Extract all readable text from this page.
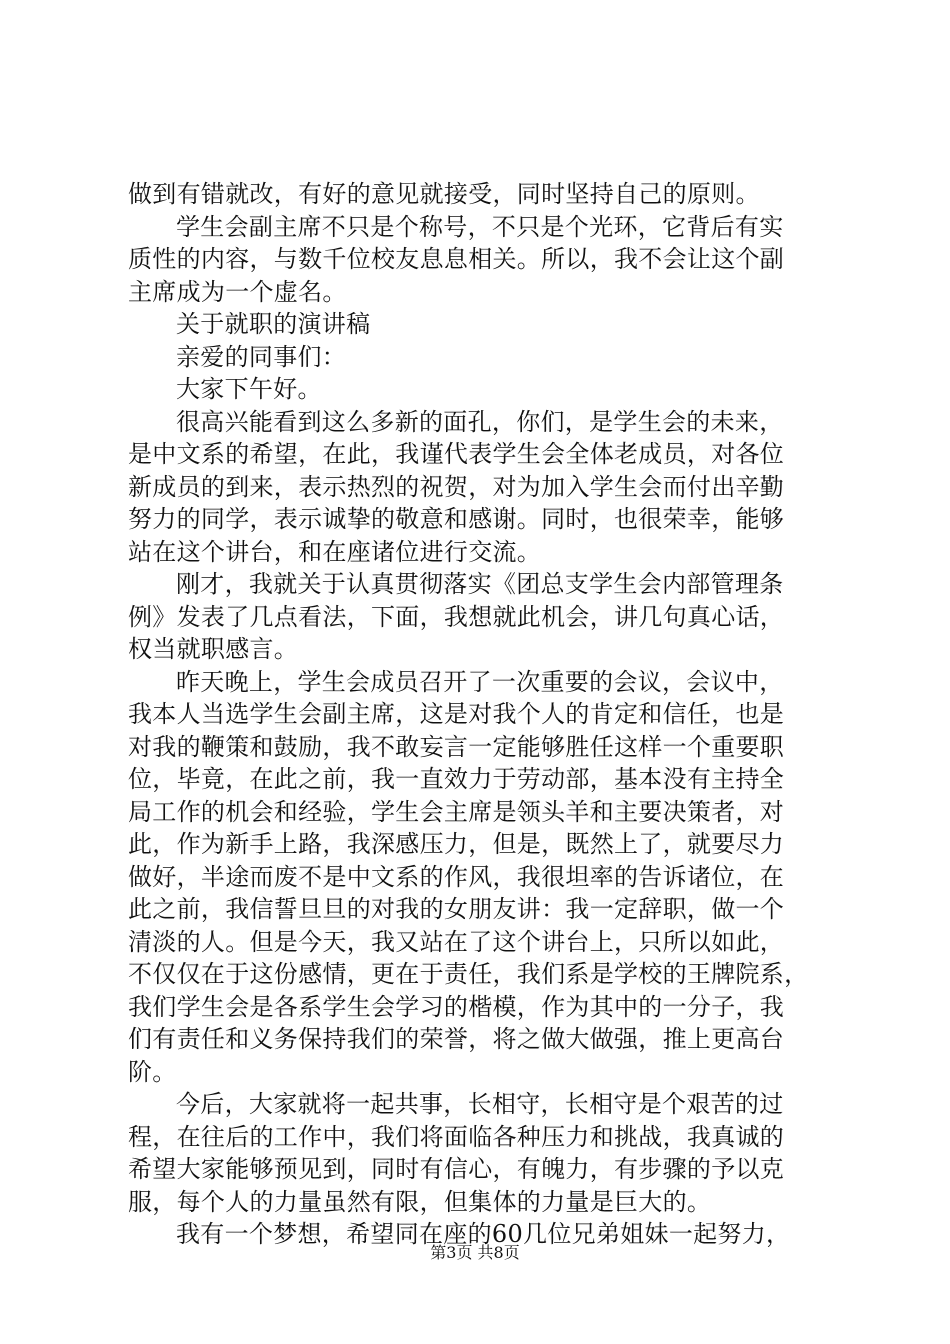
做到有错就改，有好的意见就接受，同时坚持自己的原则。
学生会副主席不只是个称号，不只是个光环，它背后有实
质性的内容，与数千位校友息息相关。所以，我不会让这个副
主席成为一个虚名。
关于就职的演讲稿
亲爱的同事们：
大家下午好。
很高兴能看到这么多新的面孔，你们，是学生会的未来，
是中文系的希望，在此，我谨代表学生会全体老成员，对各位
新成员的到来，表示热烈的祝贺，对为加入学生会而付出辛勤
努力的同学，表示诚挚的敬意和感谢。同时，也很荣幸，能够
站在这个讲台，和在座诸位进行交流。
刚才，我就关于认真贯彻落实《团总支学生会内部管理条
例》发表了几点看法，下面，我想就此机会，讲几句真心话，
权当就职感言。
昨天晚上，学生会成员召开了一次重要的会议，会议中，
我本人当选学生会副主席，这是对我个人的肯定和信任，也是
对我的鞭策和鼓励，我不敢妄言一定能够胜任这样一个重要职
位，毕竟，在此之前，我一直效力于劳动部，基本没有主持全
局工作的机会和经验，学生会主席是领头羊和主要决策者，对
此，作为新手上路，我深感压力，但是，既然上了，就要尽力
做好，半途而废不是中文系的作风，我很坦率的告诉诸位，在
此之前，我信誓旦旦的对我的女朋友讲：我一定辞职，做一个
清淡的人。但是今天，我又站在了这个讲台上，只所以如此，
不仅仅在于这份感情，更在于责任，我们系是学校的王牌院系，
我们学生会是各系学生会学习的楷模，作为其中的一分子，我
们有责任和义务保持我们的荣誉，将之做大做强，推上更高台
阶。
今后，大家就将一起共事，长相守，长相守是个艰苦的过
程，在往后的工作中，我们将面临各种压力和挑战，我真诚的
希望大家能够预见到，同时有信心，有魄力，有步骤的予以克
服，每个人的力量虽然有限，但集体的力量是巨大的。
我有一个梦想，希望同在座的60几位兄弟姐妹一起努力，
第3页 共8页
